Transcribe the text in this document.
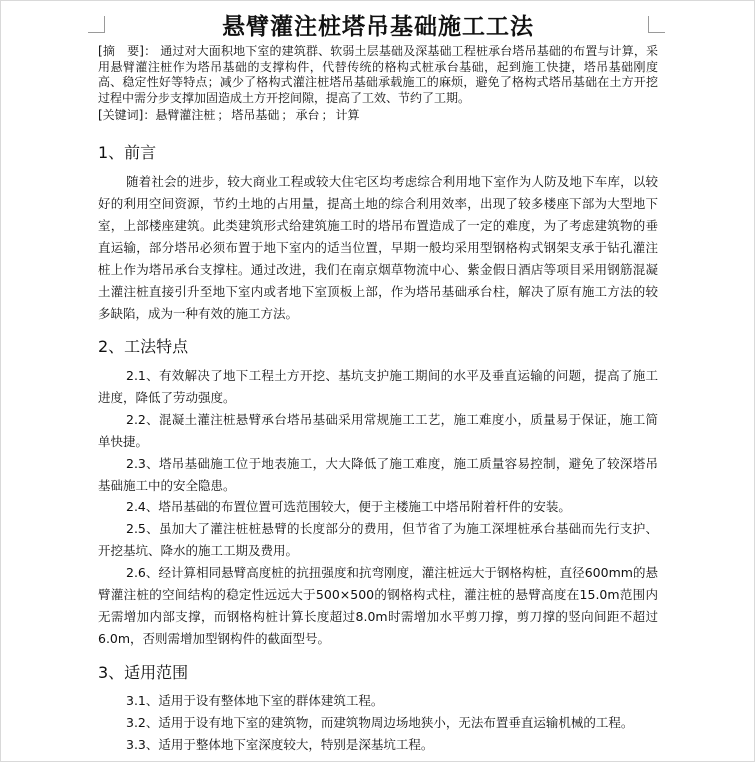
悬臂灌注桩塔吊基础施工工法
[摘　要]： 通过对大面积地下室的建筑群、软弱土层基础及深基础工程桩承台塔吊基础的布置与计算，采用悬臂灌注桩作为塔吊基础的支撑构件，代替传统的格构式桩承台基础，起到施工快捷，塔吊基础刚度高、稳定性好等特点；减少了格构式灌注桩塔吊基础承载施工的麻烦，避免了格构式塔吊基础在土方开挖过程中需分步支撑加固造成土方开挖间隙，提高了工效、节约了工期。
[关键词]：悬臂灌注桩 ； 塔吊基础 ； 承台 ； 计算
1、前言
随着社会的进步，较大商业工程或较大住宅区均考虑综合利用地下室作为人防及地下车库，以较好的利用空间资源，节约土地的占用量，提高土地的综合利用效率，出现了较多楼座下部为大型地下室，上部楼座建筑。此类建筑形式给建筑施工时的塔吊布置造成了一定的难度，为了考虑建筑物的垂直运输，部分塔吊必须布置于地下室内的适当位置，早期一般均采用型钢格构式钢架支承于钻孔灌注桩上作为塔吊承台支撑柱。通过改进，我们在南京烟草物流中心、紫金假日酒店等项目采用钢筋混凝土灌注桩直接引升至地下室内或者地下室顶板上部，作为塔吊基础承台柱，解决了原有施工方法的较多缺陷，成为一种有效的施工方法。
2、工法特点
2.1、有效解决了地下工程土方开挖、基坑支护施工期间的水平及垂直运输的问题，提高了施工进度，降低了劳动强度。
2.2、混凝土灌注桩悬臂承台塔吊基础采用常规施工工艺，施工难度小，质量易于保证，施工简单快捷。
2.3、塔吊基础施工位于地表施工，大大降低了施工难度，施工质量容易控制，避免了较深塔吊基础施工中的安全隐患。
2.4、塔吊基础的布置位置可选范围较大，便于主楼施工中塔吊附着杆件的安装。
2.5、虽加大了灌注桩桩悬臂的长度部分的费用，但节省了为施工深埋桩承台基础而先行支护、开挖基坑、降水的施工工期及费用。
2.6、经计算相同悬臂高度桩的抗扭强度和抗弯刚度，灌注桩远大于钢格构桩，直径600mm的悬臂灌注桩的空间结构的稳定性远远大于500×500的钢格构式柱，灌注桩的悬臂高度在15.0m范围内无需增加内部支撑，而钢格构桩计算长度超过8.0m时需增加水平剪刀撑，剪刀撑的竖向间距不超过6.0m，否则需增加型钢构件的截面型号。
3、适用范围
3.1、适用于设有整体地下室的群体建筑工程。
3.2、适用于设有地下室的建筑物，而建筑物周边场地狭小，无法布置垂直运输机械的工程。
3.3、适用于整体地下室深度较大，特别是深基坑工程。
